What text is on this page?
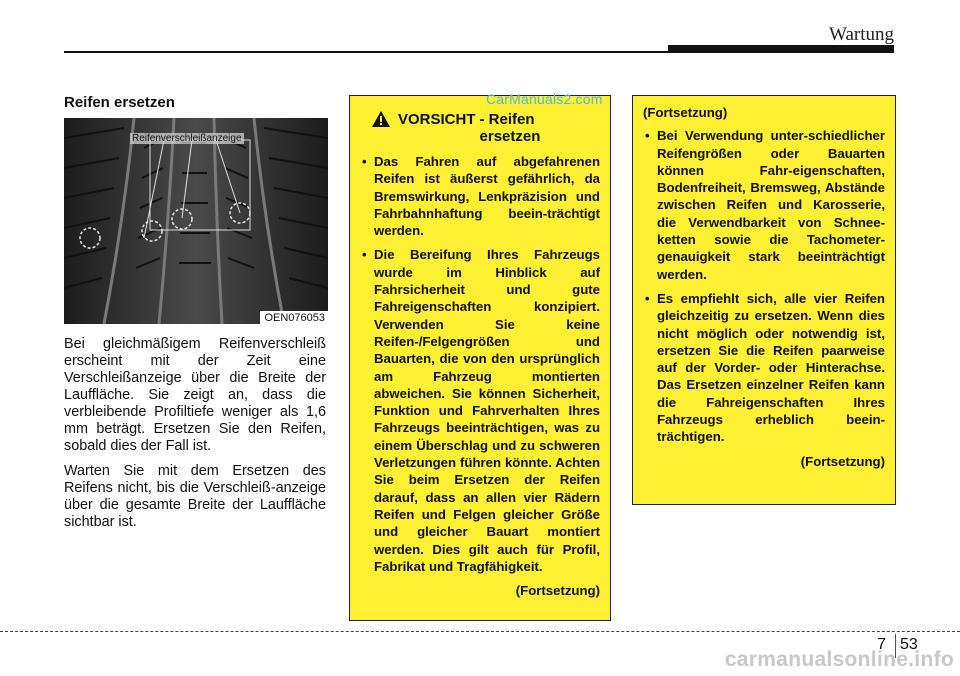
Wartung
Reifen ersetzen
Reifenverschleißanzeige
OEN076053

Bei gleichmäßigem Reifenverschleiß erscheint mit der Zeit eine Verschleißanzeige über die Breite der Lauffläche. Sie zeigt an, dass die verbleibende Profiltiefe weniger als 1,6 mm beträgt. Ersetzen Sie den Reifen, sobald dies der Fall ist.

Warten Sie mit dem Ersetzen des Reifens nicht, bis die Verschleiß-anzeige über die gesamte Breite der Lauffläche sichtbar ist.

VORSICHT - Reifen ersetzen
• Das Fahren auf abgefahrenen Reifen ist äußerst gefährlich, da Bremswirkung, Lenkpräzision und Fahrbahnhaftung beein-trächtigt werden.
• Die Bereifung Ihres Fahrzeugs wurde im Hinblick auf Fahrsicherheit und gute Fahreigenschaften konzipiert. Verwenden Sie keine Reifen-/Felgengrößen und Bauarten, die von den ursprünglich am Fahrzeug montierten abweichen. Sie können Sicherheit, Funktion und Fahrverhalten Ihres Fahrzeugs beeinträchtigen, was zu einem Überschlag und zu schweren Verletzungen führen könnte. Achten Sie beim Ersetzen der Reifen darauf, dass an allen vier Rädern Reifen und Felgen gleicher Größe und gleicher Bauart montiert werden. Dies gilt auch für Profil, Fabrikat und Tragfähigkeit.
(Fortsetzung)
CarManuals2.com
(Fortsetzung)
• Bei Verwendung unter-schiedlicher Reifengrößen oder Bauarten können Fahr-eigenschaften, Bodenfreiheit, Bremsweg, Abstände zwischen Reifen und Karosserie, die Verwendbarkeit von Schnee-ketten sowie die Tachometer-genauigkeit stark beeinträchtigt werden.
• Es empfiehlt sich, alle vier Reifen gleichzeitig zu ersetzen. Wenn dies nicht möglich oder notwendig ist, ersetzen Sie die Reifen paarweise auf der Vorder- oder Hinterachse. Das Ersetzen einzelner Reifen kann die Fahreigenschaften Ihres Fahrzeugs erheblich beein-trächtigen.
(Fortsetzung)
7 53
carmanualsonline.info
